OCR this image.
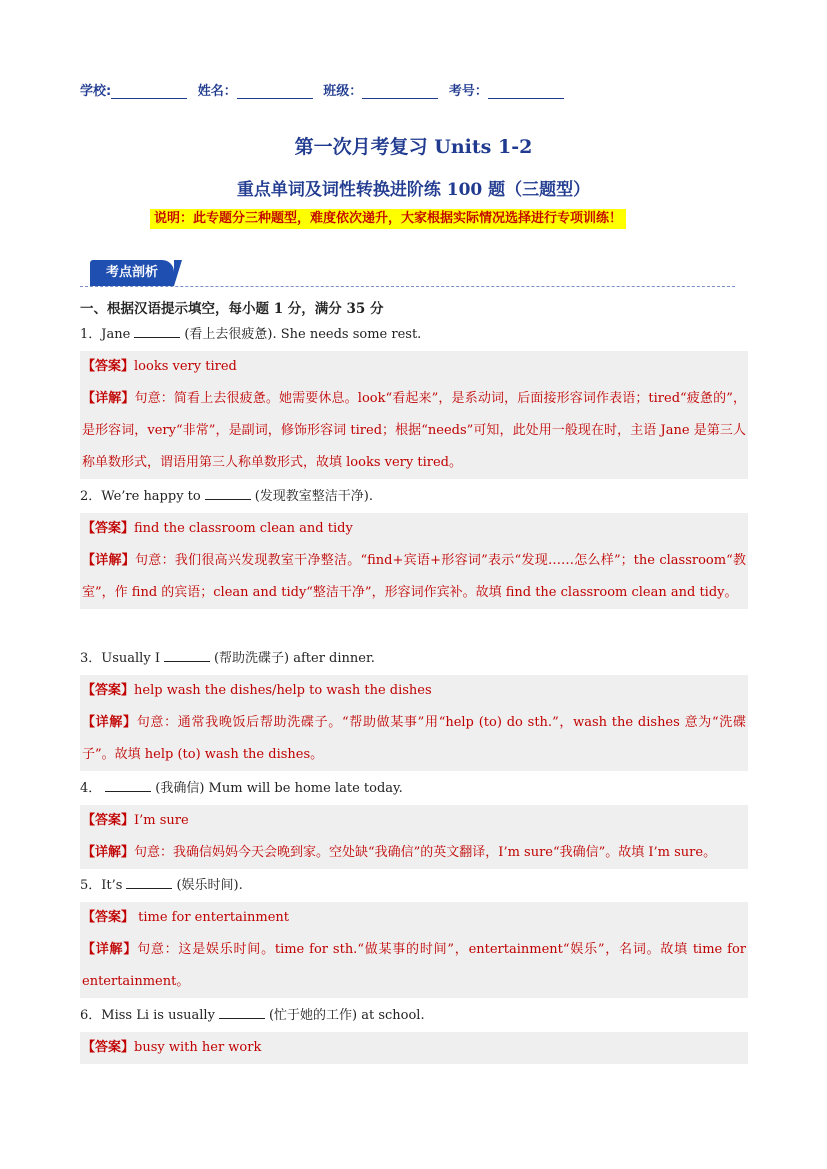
学校:	姓名：	班级：	考号：
第一次月考复习 Units 1-2
重点单词及词性转换进阶练 100 题（三题型）
说明：此专题分三种题型，难度依次递升，大家根据实际情况选择进行专项训练！
考点剖析
一、根据汉语提示填空，每小题 1 分，满分 35 分
1．Jane	(看上去很疲惫). She needs some rest.
【答案】looks very tired
【详解】句意：简看上去很疲惫。她需要休息。look“看起来”，是系动词，后面接形容词作表语；tired“疲惫的”，是形容词，very“非常”，是副词，修饰形容词 tired；根据“needs”可知，此处用一般现在时，主语 Jane 是第三人称单数形式，谓语用第三人称单数形式，故填 looks very tired。
2．We’re happy to	(发现教室整洁干净).
【答案】find the classroom clean and tidy
【详解】句意：我们很高兴发现教室干净整洁。“find+宾语+形容词”表示“发现……怎么样”；the classroom“教室”，作 find 的宾语；clean and tidy“整洁干净”，形容词作宾补。故填 find the classroom clean and tidy。
3．Usually I	(帮助洗碟子) after dinner.
【答案】help wash the dishes/help to wash the dishes
【详解】句意：通常我晚饭后帮助洗碟子。“帮助做某事”用“help (to) do sth.”，wash the dishes 意为“洗碟子”。故填 help (to) wash the dishes。
4．	(我确信) Mum will be home late today.
【答案】I’m sure
【详解】句意：我确信妈妈今天会晚到家。空处缺“我确信”的英文翻译，I’m sure“我确信”。故填 I’m sure。
5．It’s	(娱乐时间).
【答案】 time for entertainment
【详解】句意：这是娱乐时间。time for sth.“做某事的时间”，entertainment“娱乐”，名词。故填 time for entertainment。
6．Miss Li is usually	(忙于她的工作) at school.
【答案】busy with her work
